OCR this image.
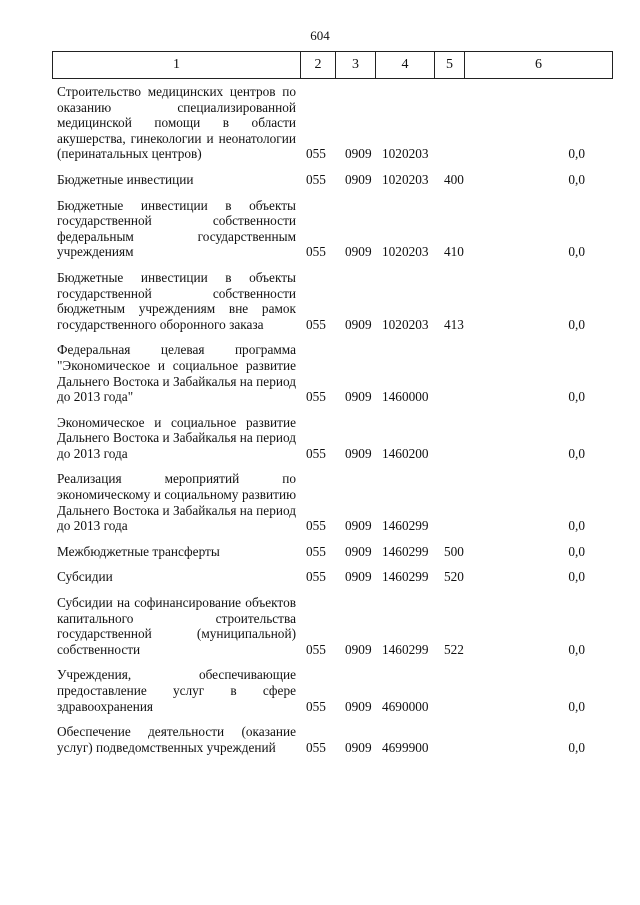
604
1	2	3	4	5	6
Строительство медицинских центров по оказанию специализированной медицинской помощи в области акушерства, гинекологии и неонатологии (перинатальных центров)	055 0909 1020203	0,0
Бюджетные инвестиции	055 0909 1020203 400	0,0
Бюджетные инвестиции в объекты государственной собственности федеральным государственным учреждениям	055 0909 1020203 410	0,0
Бюджетные инвестиции в объекты государственной собственности бюджетным учреждениям вне рамок государственного оборонного заказа	055 0909 1020203 413	0,0
Федеральная целевая программа "Экономическое и социальное развитие Дальнего Востока и Забайкалья на период до 2013 года"	055 0909 1460000	0,0
Экономическое и социальное развитие Дальнего Востока и Забайкалья на период до 2013 года	055 0909 1460200	0,0
Реализация мероприятий по экономическому и социальному развитию Дальнего Востока и Забайкалья на период до 2013 года	055 0909 1460299	0,0
Межбюджетные трансферты	055 0909 1460299 500	0,0
Субсидии	055 0909 1460299 520	0,0
Субсидии на софинансирование объектов капитального строительства государственной (муниципальной) собственности	055 0909 1460299 522	0,0
Учреждения, обеспечивающие предоставление услуг в сфере здравоохранения	055 0909 4690000	0,0
Обеспечение деятельности (оказание услуг) подведомственных учреждений	055 0909 4699900	0,0
